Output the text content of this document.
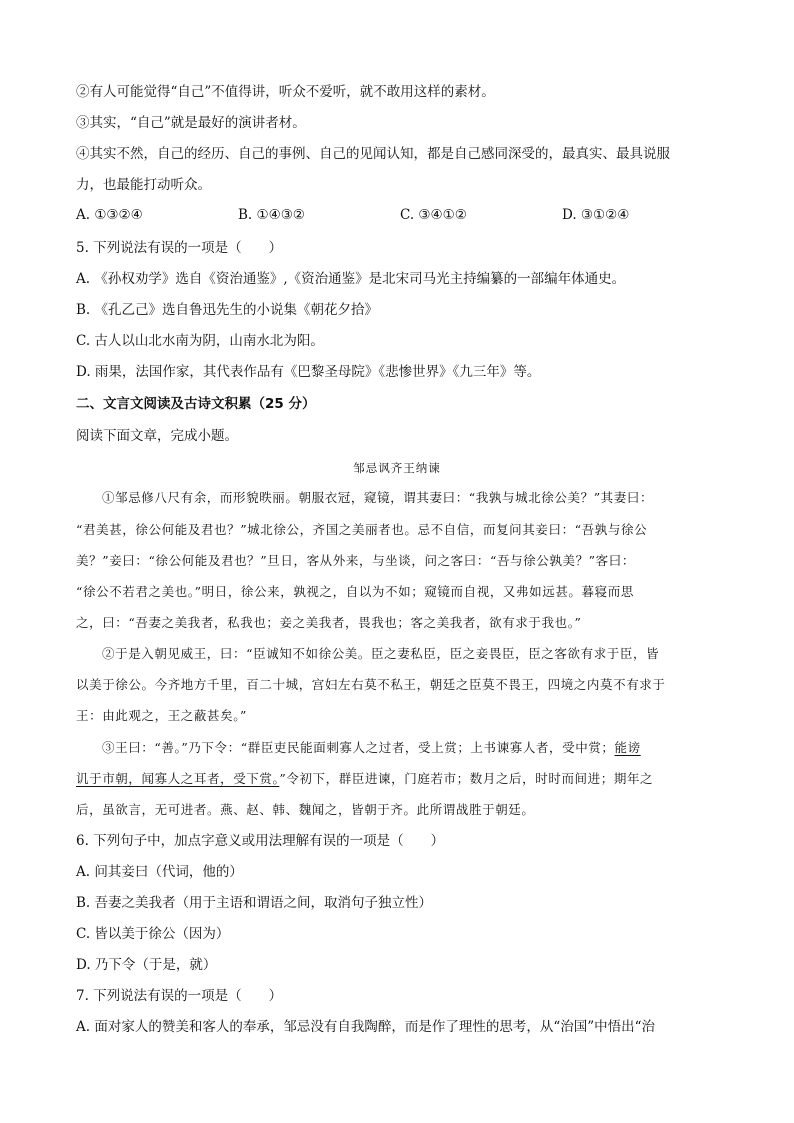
②有人可能觉得“自己”不值得讲，听众不爱听，就不敢用这样的素材。
③其实，“自己”就是最好的演讲者材。
④其实不然，自己的经历、自己的事例、自己的见闻认知，都是自己感同深受的，最真实、最具说服
力，也最能打动听众。
A. ①③②④	B. ①④③②	C. ③④①②	D. ③①②④
5. 下列说法有误的一项是（　　）
A. 《孙权劝学》选自《资治通鉴》,《资治通鉴》是北宋司马光主持编纂的一部编年体通史。
B. 《孔乙己》选自鲁迅先生的小说集《朝花夕拾》
C. 古人以山北水南为阴，山南水北为阳。
D. 雨果，法国作家，其代表作品有《巴黎圣母院》《悲惨世界》《九三年》等。
二、文言文阅读及古诗文积累（25 分）
阅读下面文章，完成小题。
邹忌讽齐王纳谏
①邹忌修八尺有余，而形貌昳丽。朝服衣冠，窥镜，谓其妻曰：“我孰与城北徐公美？”其妻曰：
“君美甚，徐公何能及君也？”城北徐公，齐国之美丽者也。忌不自信，而复问其妾曰：“吾孰与徐公
美？”妾曰：“徐公何能及君也？”旦日，客从外来，与坐谈，问之客曰：“吾与徐公孰美？”客曰：
“徐公不若君之美也。”明日，徐公来，孰视之，自以为不如；窥镜而自视，又弗如远甚。暮寝而思
之，曰：“吾妻之美我者，私我也；妾之美我者，畏我也；客之美我者，欲有求于我也。”
②于是入朝见威王，曰：“臣诚知不如徐公美。臣之妻私臣，臣之妾畏臣，臣之客欲有求于臣，皆
以美于徐公。今齐地方千里，百二十城，宫妇左右莫不私王，朝廷之臣莫不畏王，四境之内莫不有求于
王：由此观之，王之蔽甚矣。”
③王曰：“善。”乃下令：“群臣吏民能面刺寡人之过者，受上赏；上书谏寡人者，受中赏；能谤
讥于市朝，闻寡人之耳者，受下赏。”令初下，群臣进谏，门庭若市；数月之后，时时而间进；期年之
后，虽欲言，无可进者。燕、赵、韩、魏闻之，皆朝于齐。此所谓战胜于朝廷。
6. 下列句子中，加点字意义或用法理解有误的一项是（　　）
A. 问其妾曰（代词，他的）
B. 吾妻之美我者（用于主语和谓语之间，取消句子独立性）
C. 皆以美于徐公（因为）
D. 乃下令（于是，就）
7. 下列说法有误的一项是（　　）
A. 面对家人的赞美和客人的奉承，邹忌没有自我陶醉，而是作了理性的思考，从“治国”中悟出“治
